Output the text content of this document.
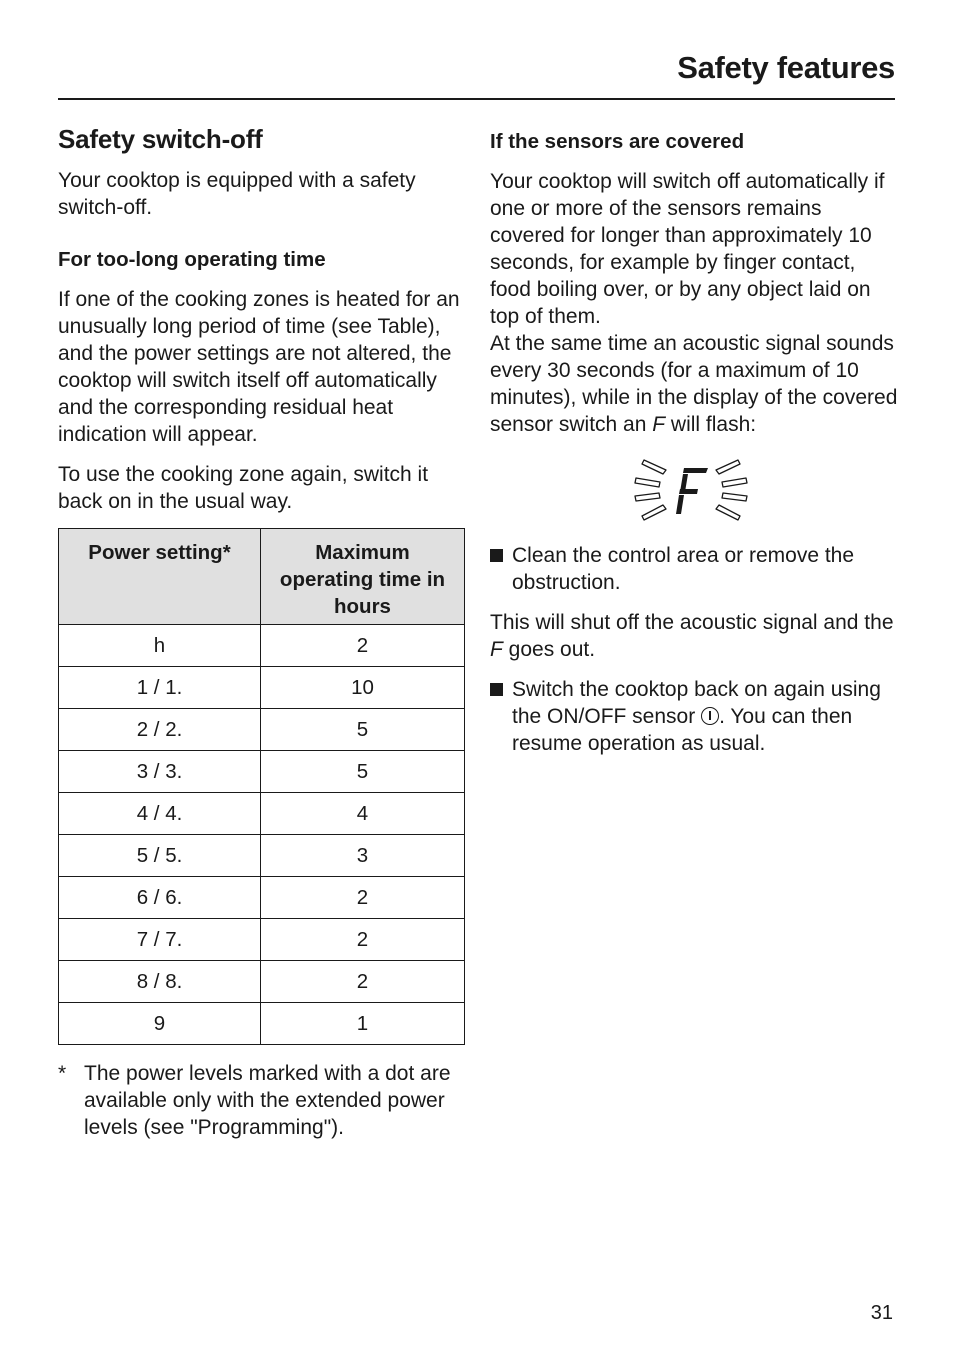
Safety features
Safety switch-off

Your cooktop is equipped with a safety switch-off.

For too-long operating time

If one of the cooking zones is heated for an unusually long period of time (see Table), and the power settings are not altered, the cooktop will switch itself off automatically and the corresponding residual heat indication will appear.

To use the cooking zone again, switch it back on in the usual way.

Power setting*	Maximum operating time in hours
h	2
1 / 1.	10
2 / 2.	5
3 / 3.	5
4 / 4.	4
5 / 5.	3
6 / 6.	2
7 / 7.	2
8 / 8.	2
9	1
* The power levels marked with a dot are available only with the extended power levels (see "Programming").
If the sensors are covered

Your cooktop will switch off automatically if one or more of the sensors remains covered for longer than approximately 10 seconds, for example by finger contact, food boiling over, or by any object laid on top of them.

At the same time an acoustic signal sounds every 30 seconds (for a maximum of 10 minutes), while in the display of the covered sensor switch an F will flash:

Clean the control area or remove the obstruction.

This will shut off the acoustic signal and the F goes out.

Switch the cooktop back on again using the ON/OFF sensor . You can then resume operation as usual.
31
